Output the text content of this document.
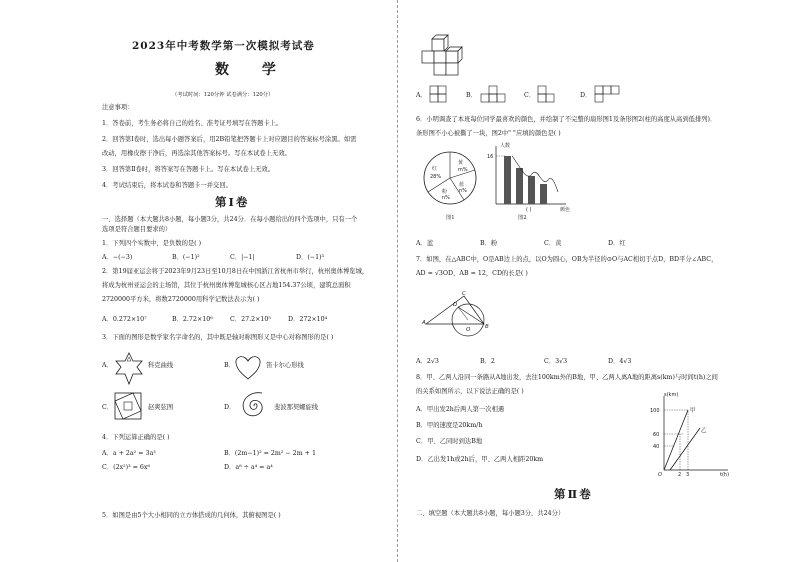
2023年中考数学第一次模拟考试卷
数 学
（考试时间：120分钟 试卷满分：120分）
注意事项：
1．答卷前，考生务必将自己的姓名、准考证号填写在答题卡上。
2．回答第Ⅰ卷时，选出每小题答案后，用2B铅笔把答题卡上对应题目的答案标号涂黑。如需
改动，用橡皮擦干净后，再选涂其他答案标号。写在本试卷上无效。
3．回答第Ⅱ卷时，将答案写在答题卡上。写在本试卷上无效。
4．考试结束后，将本试卷和答题卡一并交回。
第Ⅰ卷
一、选择题（本大题共8小题，每小题3分，共24分．在每小题给出的四个选项中，只有一个
选项是符合题目要求的）
1．下列四个实数中，是负数的是( )
A．−(−3)	B．(−1)²	C．|−1|	D．(−1)³
2．第19届亚运会将于2023年9月23日至10月8日在中国浙江省杭州市举行，杭州奥体博览城，
将成为杭州亚运会的主场馆，其位于杭州奥体博览城核心区占地154.37公顷，建筑总面积
2720000平方米，将数2720000用科学记数法表示为( )
A．0.272×10⁷	B．2.72×10⁶	C．27.2×10⁵	D．272×10⁴
3．下面的图形是数学家名字命名的，其中既是轴对称图形又是中心对称图形的是( )
A．	科克曲线	B．	笛卡尔心形线
C．	赵爽弦图	D．	斐波那契螺旋线
4．下列运算正确的是( )
A．a + 2a² = 3a³	B．(2m−1)² = 2m² − 2m + 1
C．(2x²)³ = 6x⁶	D．a⁸ ÷ a⁴ = a⁴
5．如图是由5个大小相同的立方体搭成的几何体，其俯视图是( )
A．	B．	C．	D．
6．小明调查了本班每位同学最喜欢的颜色，并绘制了不完整的扇形图1及条形图2(柱的高度从高到低排列)．
条形图不小心被撕了一块，图2中" "应填的颜色是( )
红
28%
黄
m%
蓝
n%
粉
n%
图1
人数
16
颜色
( )
图2
A．蓝	B．粉	C．黄	D．红
7．如图，在△ABC中，O是AB边上的点，以O为圆心，OB为半径的⊙O与AC相切于点D，BD平分∠ABC，
AD = √3OD，AB = 12，CD的长是( )
A
B
C
D
O
A．2√3	B．2	C．3√3	D．4√3
8．甲、乙两人沿同一条路从A地出发，去往100km外的B地，甲、乙两人离A地的距离s(km)与时间t(h)之间
的关系如图所示，以下说法正确的是( )
A．甲出发2h后两人第一次相遇
B．甲的速度是20km/h
C．甲、乙同时到达B地
D．乙出发1h或2h后，甲、乙两人相距20km
s(km)
t(h)
100
60
40
O	2 3
甲
乙
第Ⅱ卷
二、填空题（本大题共8小题，每小题3分，共24分）
